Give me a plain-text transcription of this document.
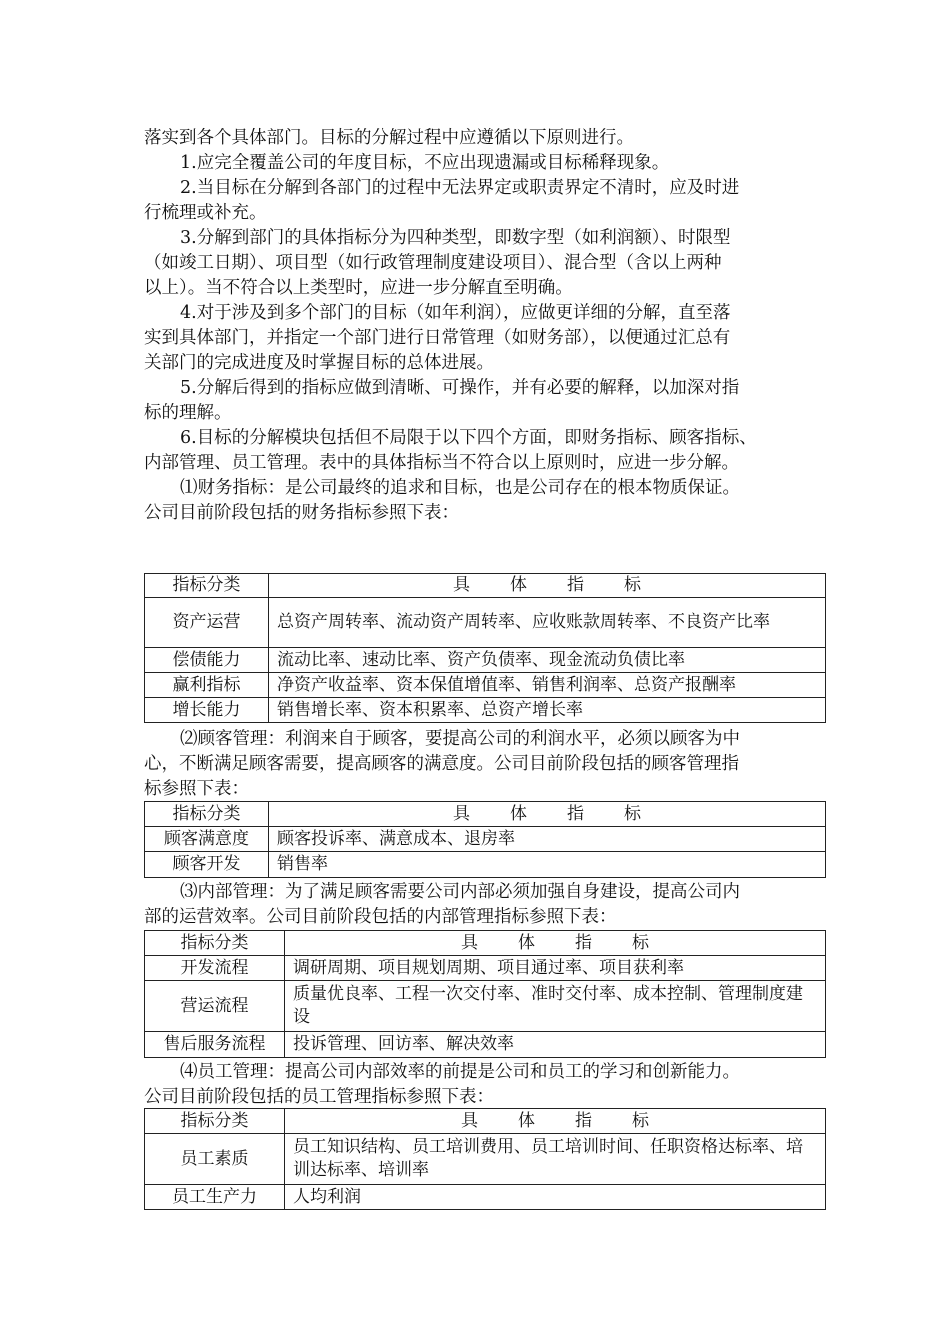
落实到各个具体部门。目标的分解过程中应遵循以下原则进行。
1.应完全覆盖公司的年度目标，不应出现遗漏或目标稀释现象。
2.当目标在分解到各部门的过程中无法界定或职责界定不清时，应及时进
行梳理或补充。
3.分解到部门的具体指标分为四种类型，即数字型（如利润额）、时限型
（如竣工日期）、项目型（如行政管理制度建设项目）、混合型（含以上两种
以上）。当不符合以上类型时，应进一步分解直至明确。
4.对于涉及到多个部门的目标（如年利润），应做更详细的分解，直至落
实到具体部门，并指定一个部门进行日常管理（如财务部），以便通过汇总有
关部门的完成进度及时掌握目标的总体进展。
5.分解后得到的指标应做到清晰、可操作，并有必要的解释，以加深对指
标的理解。
6.目标的分解模块包括但不局限于以下四个方面，即财务指标、顾客指标、
内部管理、员工管理。表中的具体指标当不符合以上原则时，应进一步分解。
⑴财务指标：是公司最终的追求和目标，也是公司存在的根本物质保证。
公司目前阶段包括的财务指标参照下表：
指标分类	具 体 指 标
资产运营	总资产周转率、流动资产周转率、应收账款周转率、不良资产比率
偿债能力	流动比率、速动比率、资产负债率、现金流动负债比率
赢利指标	净资产收益率、资本保值增值率、销售利润率、总资产报酬率
增长能力	销售增长率、资本积累率、总资产增长率
⑵顾客管理：利润来自于顾客，要提高公司的利润水平，必须以顾客为中
心，不断满足顾客需要，提高顾客的满意度。公司目前阶段包括的顾客管理指
标参照下表：
指标分类	具 体 指 标
顾客满意度	顾客投诉率、满意成本、退房率
顾客开发	销售率
⑶内部管理：为了满足顾客需要公司内部必须加强自身建设，提高公司内
部的运营效率。公司目前阶段包括的内部管理指标参照下表：
指标分类	具 体 指 标
开发流程	调研周期、项目规划周期、项目通过率、项目获利率
营运流程	质量优良率、工程一次交付率、准时交付率、成本控制、管理制度建设
售后服务流程	投诉管理、回访率、解决效率
⑷员工管理：提高公司内部效率的前提是公司和员工的学习和创新能力。
公司目前阶段包括的员工管理指标参照下表：
指标分类	具 体 指 标
员工素质	员工知识结构、员工培训费用、员工培训时间、任职资格达标率、培训达标率、培训率
员工生产力	人均利润
